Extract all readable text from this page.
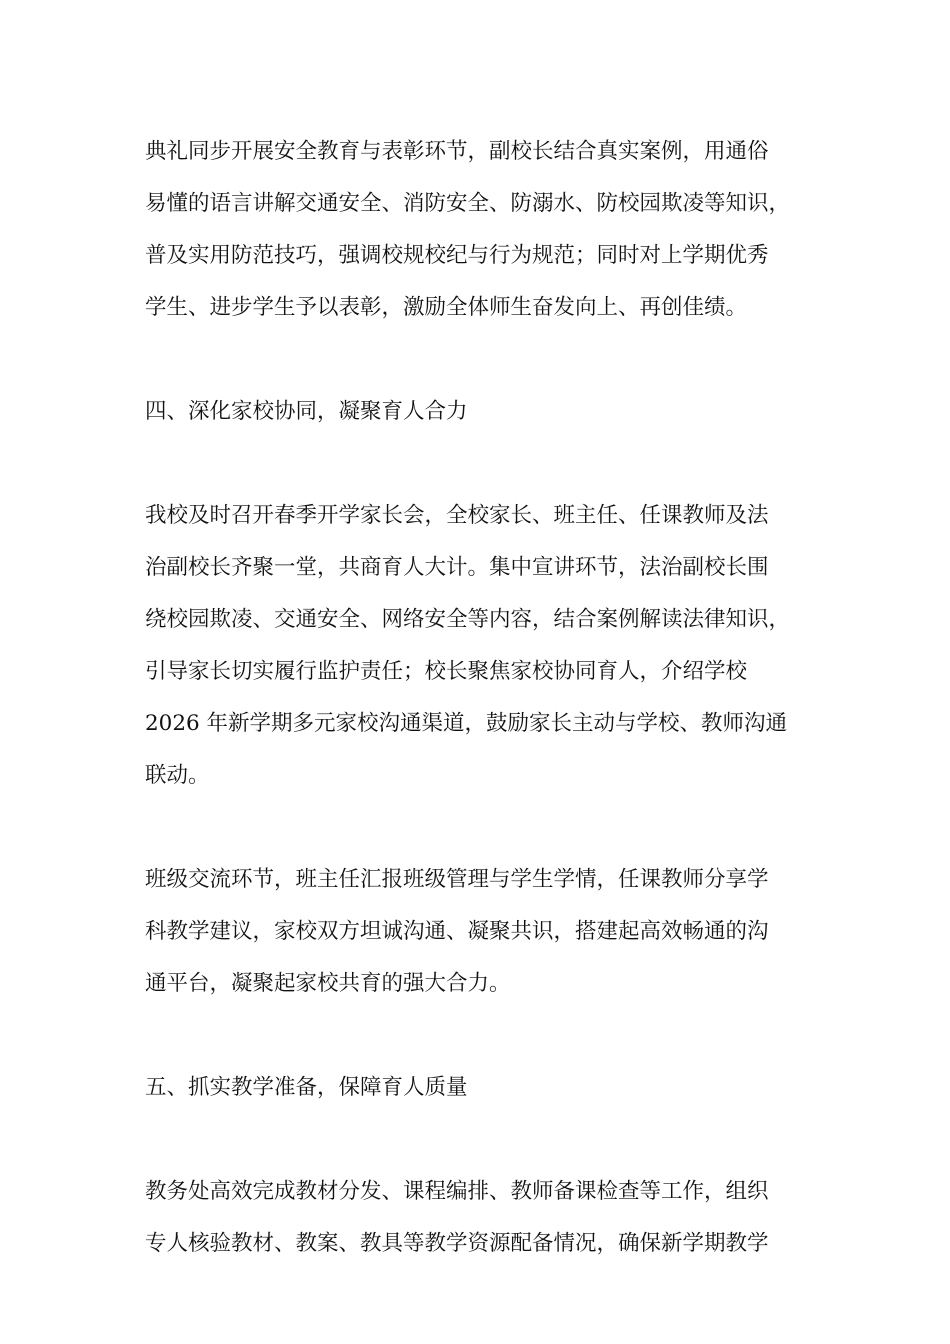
典礼同步开展安全教育与表彰环节，副校长结合真实案例，用通俗
易懂的语言讲解交通安全、消防安全、防溺水、防校园欺凌等知识，
普及实用防范技巧，强调校规校纪与行为规范；同时对上学期优秀
学生、进步学生予以表彰，激励全体师生奋发向上、再创佳绩。
四、深化家校协同，凝聚育人合力
我校及时召开春季开学家长会，全校家长、班主任、任课教师及法
治副校长齐聚一堂，共商育人大计。集中宣讲环节，法治副校长围
绕校园欺凌、交通安全、网络安全等内容，结合案例解读法律知识，
引导家长切实履行监护责任；校长聚焦家校协同育人，介绍学校
2026 年新学期多元家校沟通渠道，鼓励家长主动与学校、教师沟通
联动。
班级交流环节，班主任汇报班级管理与学生学情，任课教师分享学
科教学建议，家校双方坦诚沟通、凝聚共识，搭建起高效畅通的沟
通平台，凝聚起家校共育的强大合力。
五、抓实教学准备，保障育人质量
教务处高效完成教材分发、课程编排、教师备课检查等工作，组织
专人核验教材、教案、教具等教学资源配备情况，确保新学期教学
